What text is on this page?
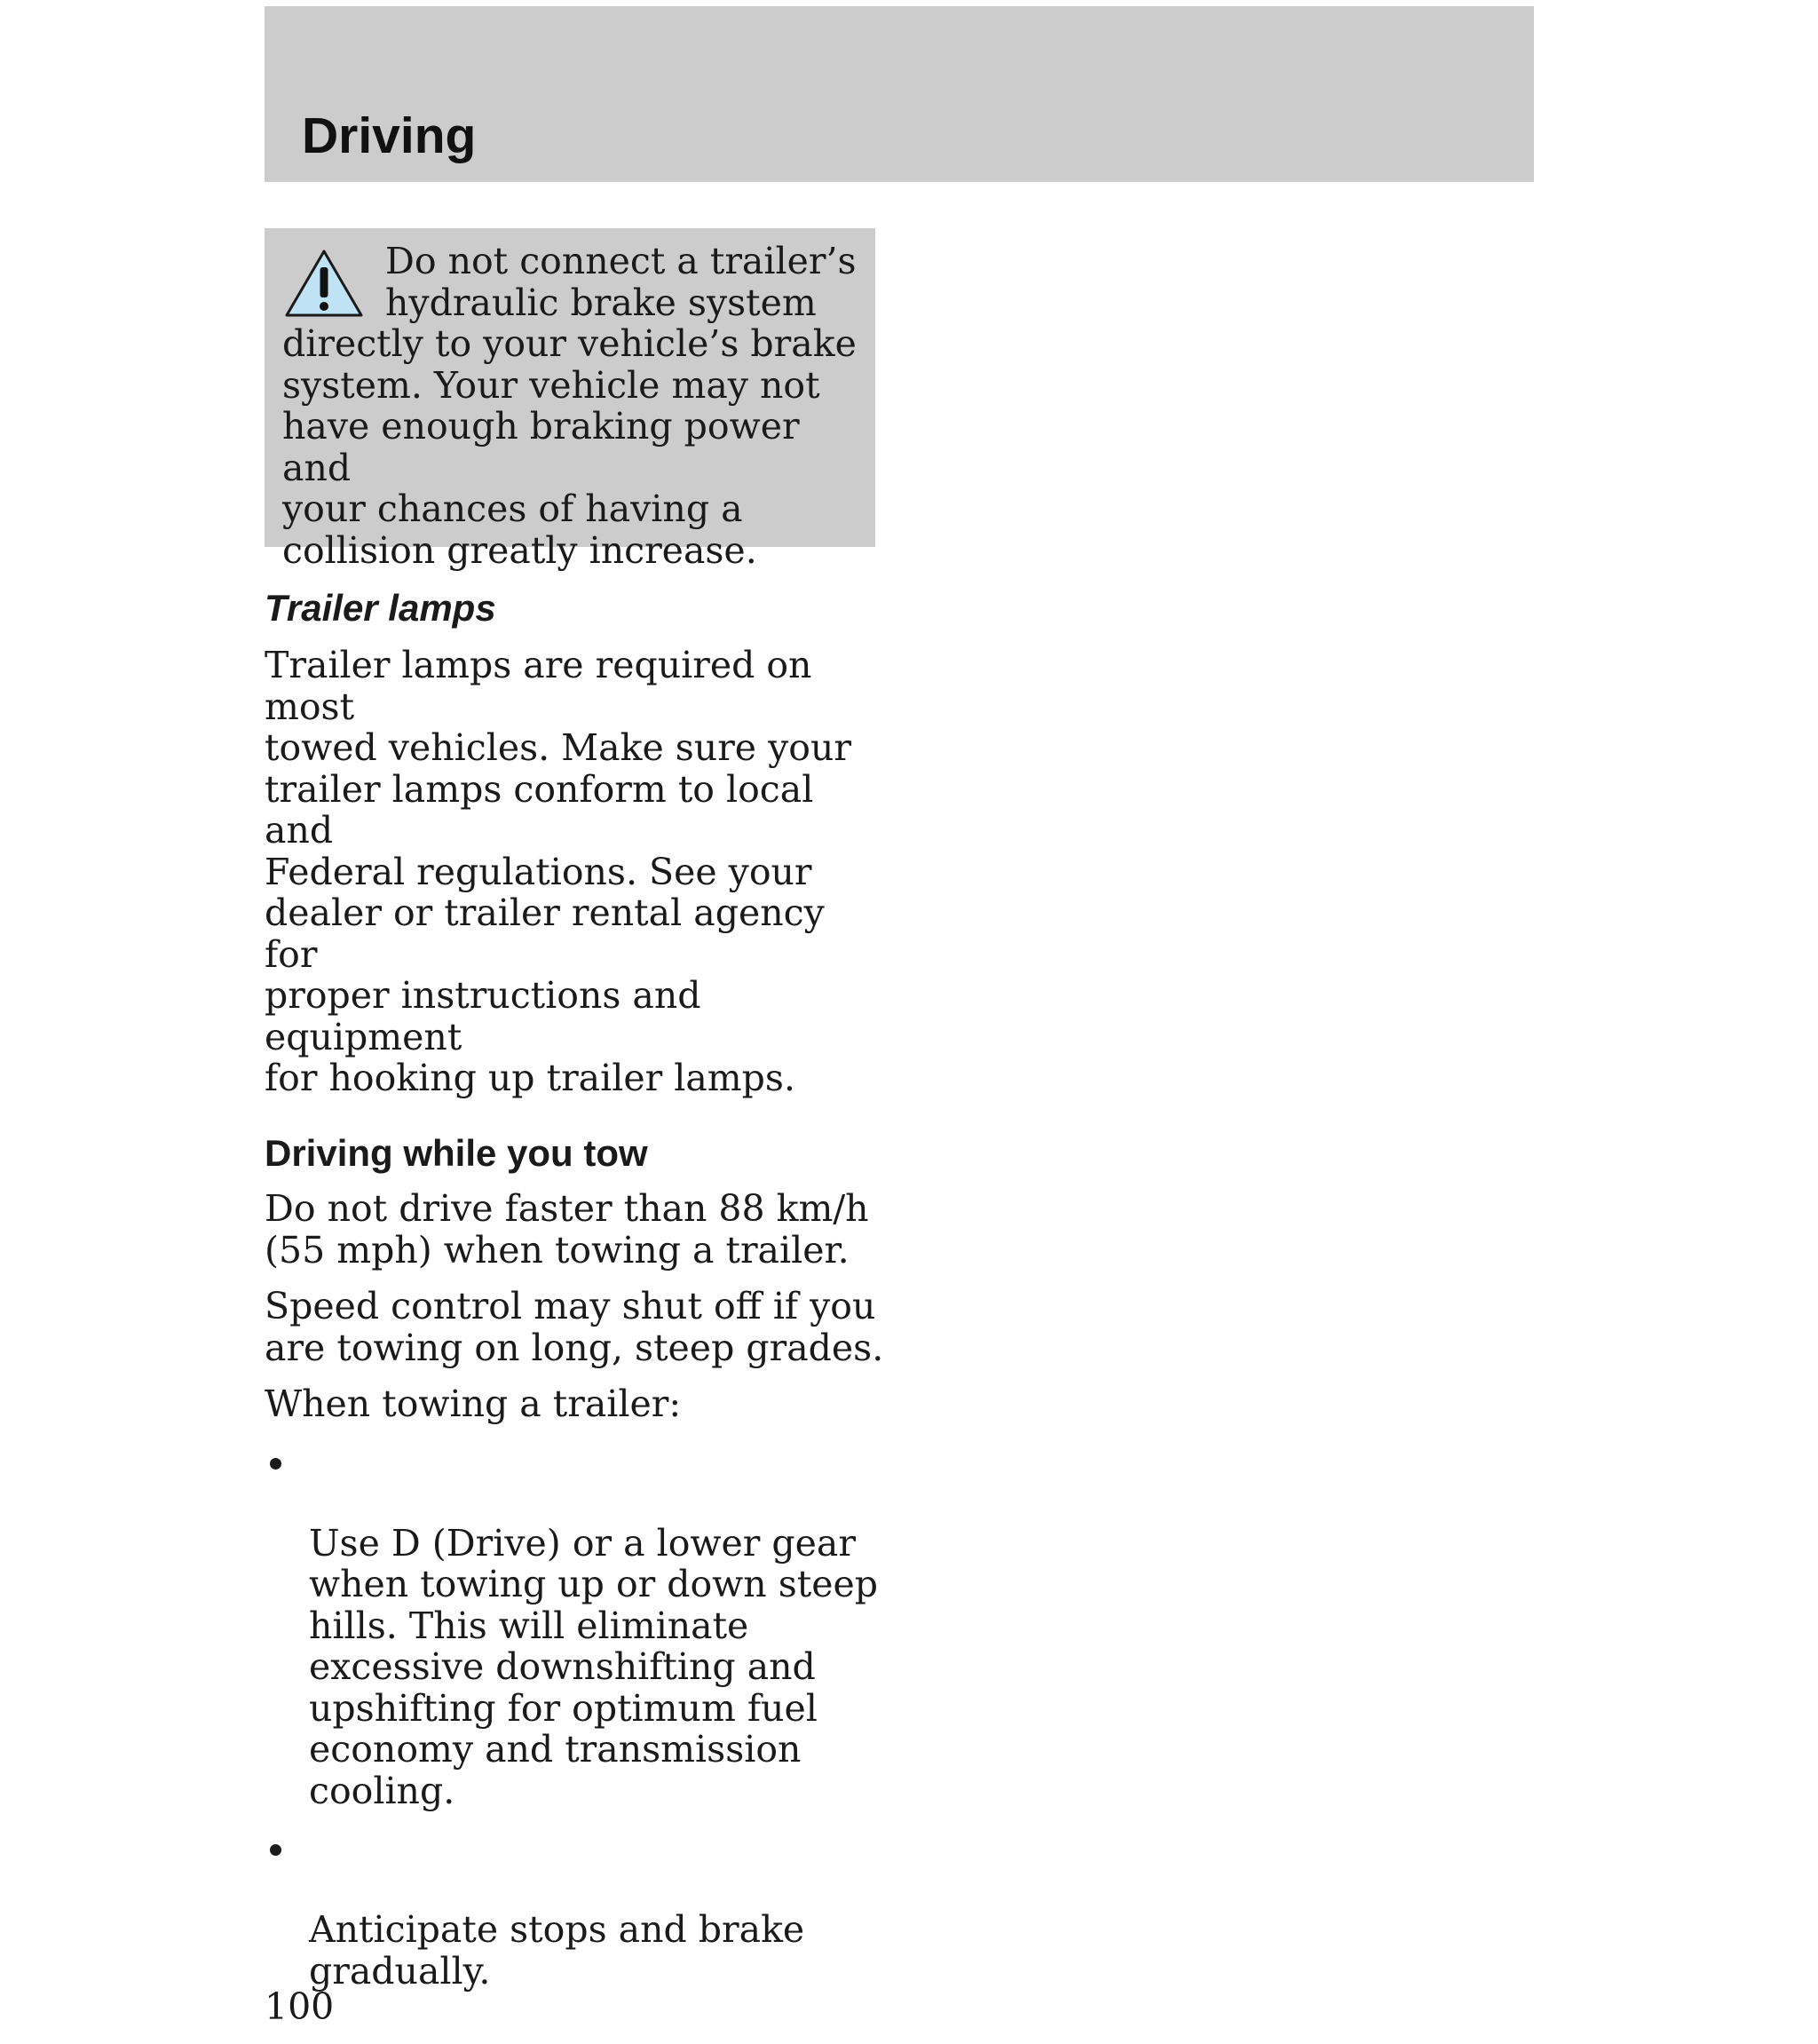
Driving

Do not connect a trailer’s
hydraulic brake system
directly to your vehicle’s brake
system. Your vehicle may not
have enough braking power and
your chances of having a
collision greatly increase.

Trailer lamps

Trailer lamps are required on most
towed vehicles. Make sure your
trailer lamps conform to local and
Federal regulations. See your
dealer or trailer rental agency for
proper instructions and equipment
for hooking up trailer lamps.

Driving while you tow

Do not drive faster than 88 km/h
(55 mph) when towing a trailer.

Speed control may shut off if you
are towing on long, steep grades.

When towing a trailer:

Use D (Drive) or a lower gear
when towing up or down steep
hills. This will eliminate
excessive downshifting and
upshifting for optimum fuel
economy and transmission
cooling.

Anticipate stops and brake
gradually.

100
